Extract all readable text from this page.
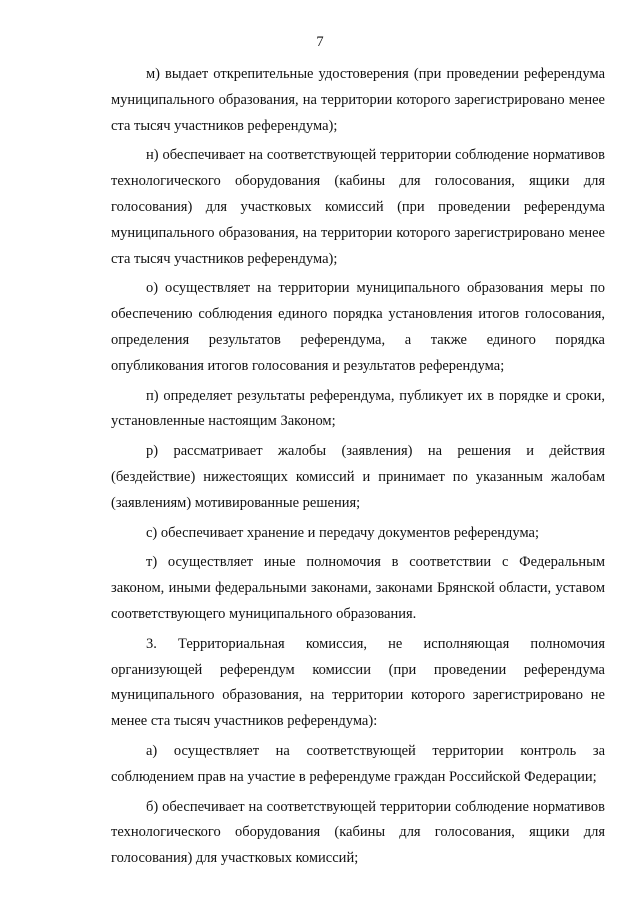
7

м) выдает открепительные удостоверения (при проведении референдума муниципального образования, на территории которого зарегистрировано менее ста тысяч участников референдума);

н) обеспечивает на соответствующей территории соблюдение нормативов технологического оборудования (кабины для голосования, ящики для голосования) для участковых комиссий (при проведении референдума муниципального образования, на территории которого зарегистрировано менее ста тысяч участников референдума);

о) осуществляет на территории муниципального образования меры по обеспечению соблюдения единого порядка установления итогов голосования, определения результатов референдума, а также единого порядка опубликования итогов голосования и результатов референдума;

п) определяет результаты референдума, публикует их в порядке и сроки, установленные настоящим Законом;

р) рассматривает жалобы (заявления) на решения и действия (бездействие) нижестоящих комиссий и принимает по указанным жалобам (заявлениям) мотивированные решения;

с) обеспечивает хранение и передачу документов референдума;

т) осуществляет иные полномочия в соответствии с Федеральным законом, иными федеральными законами, законами Брянской области, уставом соответствующего муниципального образования.

3. Территориальная комиссия, не исполняющая полномочия организующей референдум комиссии (при проведении референдума муниципального образования, на территории которого зарегистрировано не менее ста тысяч участников референдума):

а) осуществляет на соответствующей территории контроль за соблюдением прав на участие в референдуме граждан Российской Федерации;

б) обеспечивает на соответствующей территории соблюдение нормативов технологического оборудования (кабины для голосования, ящики для голосования) для участковых комиссий;
